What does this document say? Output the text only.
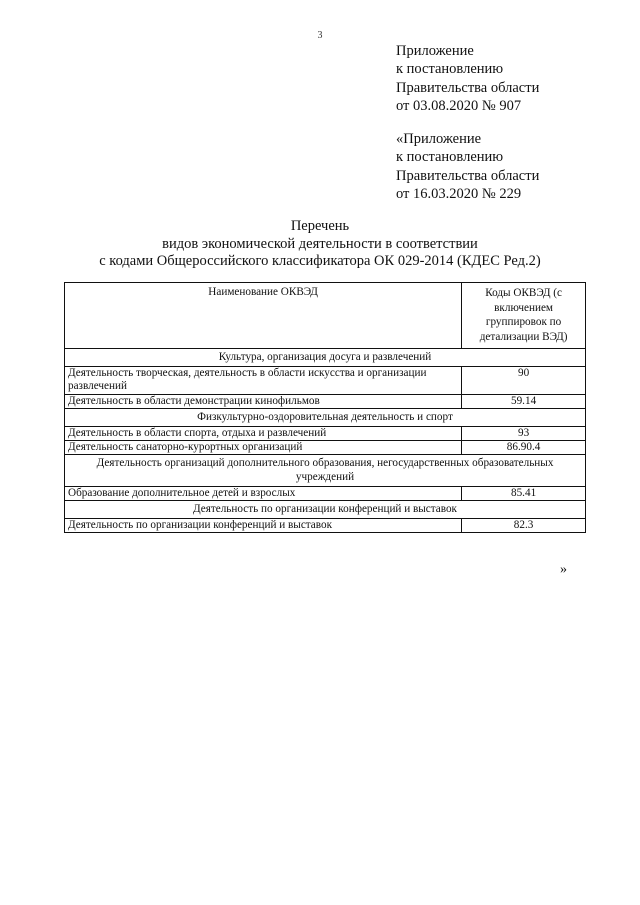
3
Приложение
к постановлению
Правительства области
от 03.08.2020 № 907
«Приложение
к постановлению
Правительства области
от 16.03.2020 № 229
Перечень
видов экономической деятельности в соответствии
с кодами Общероссийского классификатора ОК 029-2014 (КДЕС Ред.2)
Наименование ОКВЭД	Коды ОКВЭД (с включением группировок по детализации ВЭД)
Культура, организация досуга и развлечений	
Деятельность творческая, деятельность в области искусства и организации развлечений	90
Деятельность в области демонстрации кинофильмов	59.14
Физкультурно-оздоровительная деятельность и спорт	
Деятельность в области спорта, отдыха и развлечений	93
Деятельность санаторно-курортных организаций	86.90.4
Деятельность организаций дополнительного образования, негосударственных образовательных учреждений	
Образование дополнительное детей и взрослых	85.41
Деятельность по организации конференций и выставок	
Деятельность по организации конференций и выставок	82.3
»
